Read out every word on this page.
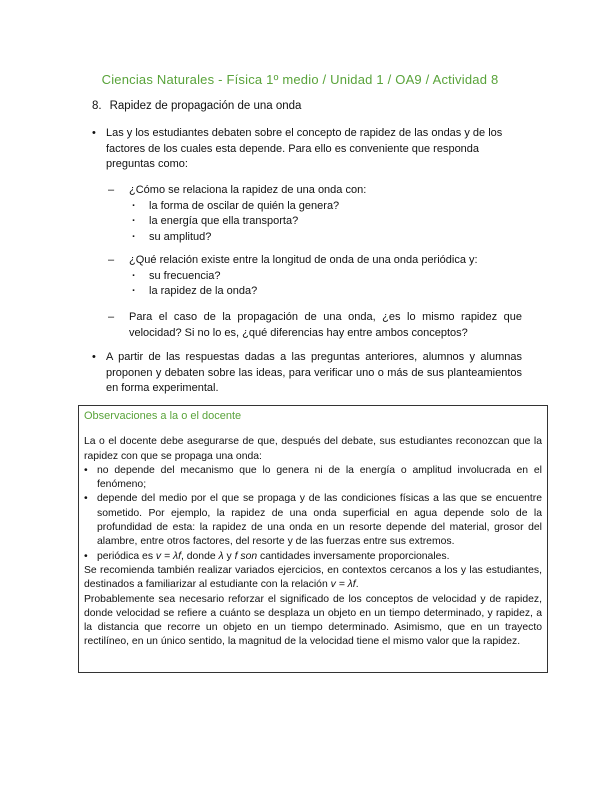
Ciencias Naturales - Física 1º medio / Unidad 1 / OA9 / Actividad 8
8. Rapidez de propagación de una onda
• Las y los estudiantes debaten sobre el concepto de rapidez de las ondas y de los factores de los cuales esta depende. Para ello es conveniente que responda preguntas como:
– ¿Cómo se relaciona la rapidez de una onda con:
· la forma de oscilar de quién la genera?
· la energía que ella transporta?
· su amplitud?
– ¿Qué relación existe entre la longitud de onda de una onda periódica y:
· su frecuencia?
· la rapidez de la onda?
– Para el caso de la propagación de una onda, ¿es lo mismo rapidez que velocidad? Si no lo es, ¿qué diferencias hay entre ambos conceptos?
• A partir de las respuestas dadas a las preguntas anteriores, alumnos y alumnas proponen y debaten sobre las ideas, para verificar uno o más de sus planteamientos en forma experimental.
Observaciones a la o el docente

La o el docente debe asegurarse de que, después del debate, sus estudiantes reconozcan que la rapidez con que se propaga una onda:

• no depende del mecanismo que lo genera ni de la energía o amplitud involucrada en el fenómeno;
• depende del medio por el que se propaga y de las condiciones físicas a las que se encuentre sometido. Por ejemplo, la rapidez de una onda superficial en agua depende solo de la profundidad de esta: la rapidez de una onda en un resorte depende del material, grosor del alambre, entre otros factores, del resorte y de las fuerzas entre sus extremos.
• periódica es v = λf, donde λ y f son cantidades inversamente proporcionales.

Se recomienda también realizar variados ejercicios, en contextos cercanos a los y las estudiantes, destinados a familiarizar al estudiante con la relación v = λf.

Probablemente sea necesario reforzar el significado de los conceptos de velocidad y de rapidez, donde velocidad se refiere a cuánto se desplaza un objeto en un tiempo determinado, y rapidez, a la distancia que recorre un objeto en un tiempo determinado. Asimismo, que en un trayecto rectilíneo, en un único sentido, la magnitud de la velocidad tiene el mismo valor que la rapidez.
